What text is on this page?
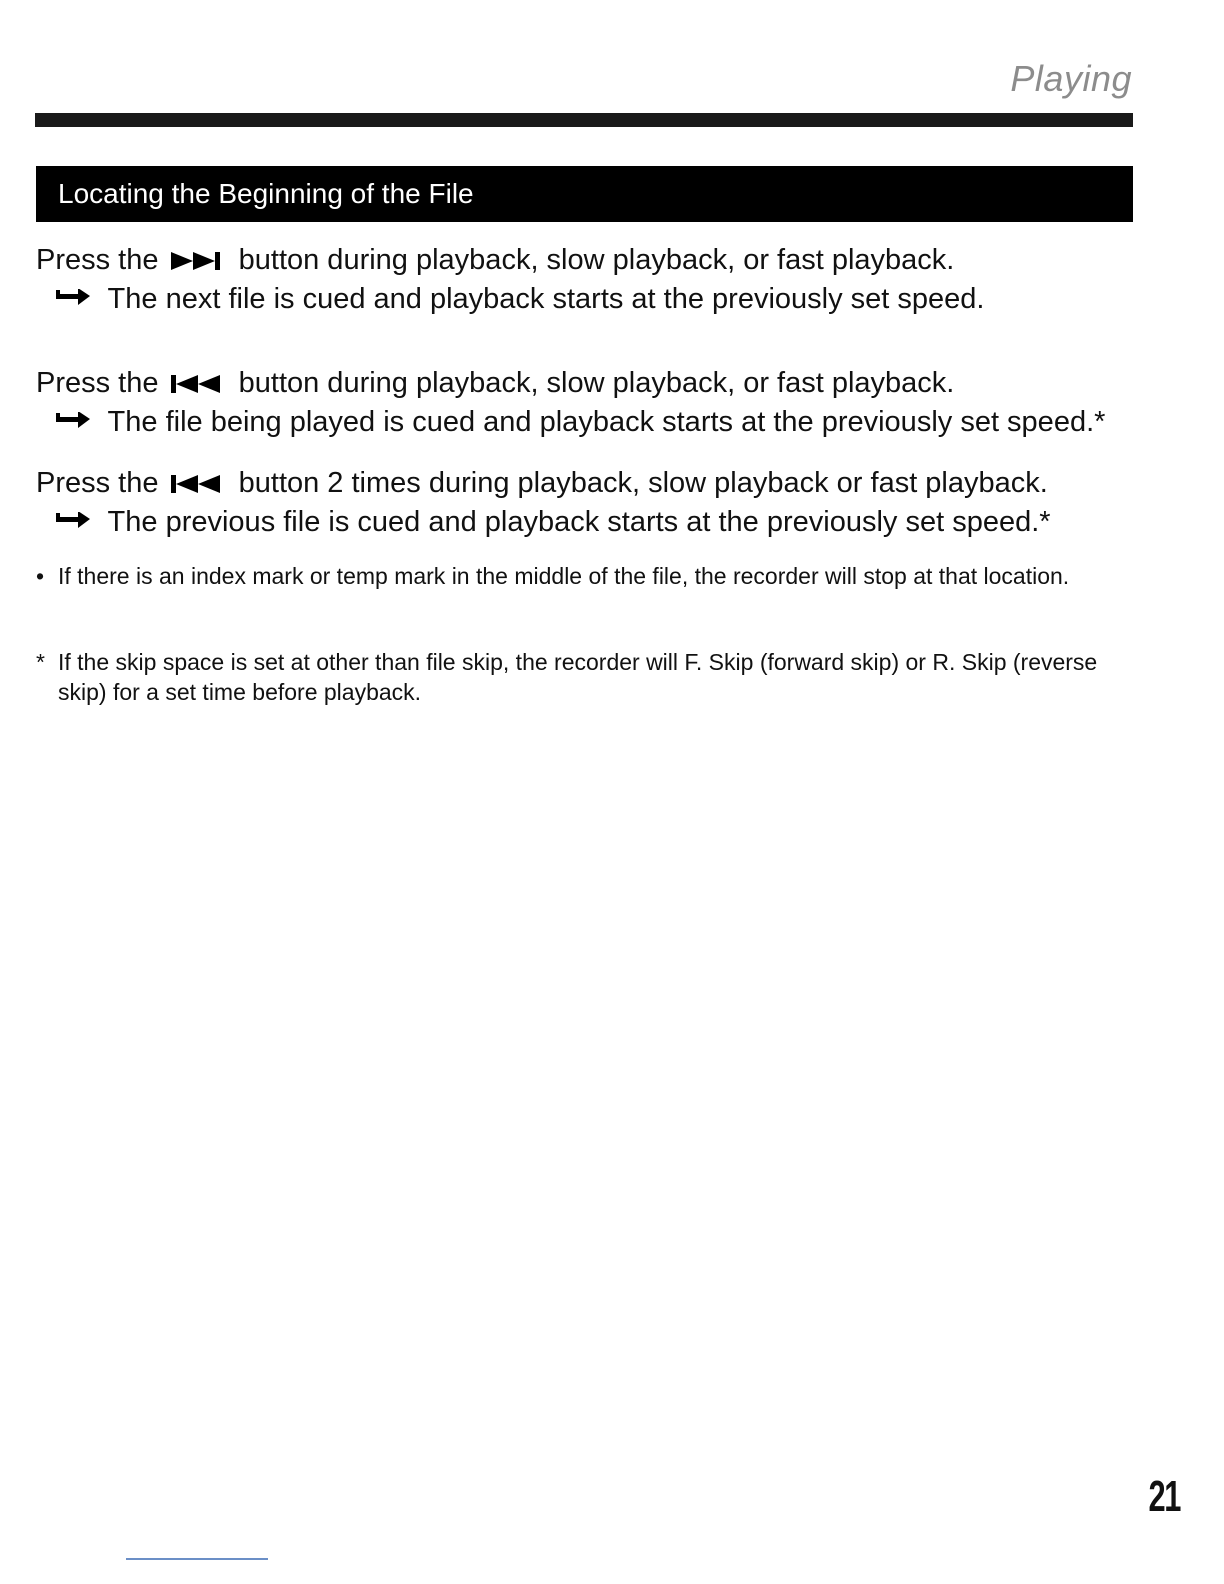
Playing
Locating the Beginning of the File
Press the	button during playback, slow playback, or fast playback.
The next file is cued and playback starts at the previously set speed.
Press the	button during playback, slow playback, or fast playback.
The file being played is cued and playback starts at the previously set speed.*
Press the	button 2 times during playback, slow playback or fast playback.
The previous file is cued and playback starts at the previously set speed.*
• If there is an index mark or temp mark in the middle of the file, the recorder will stop at that location.
* If the skip space is set at other than file skip, the recorder will F. Skip (forward skip) or R. Skip (reverse skip) for a set time before playback.
21
